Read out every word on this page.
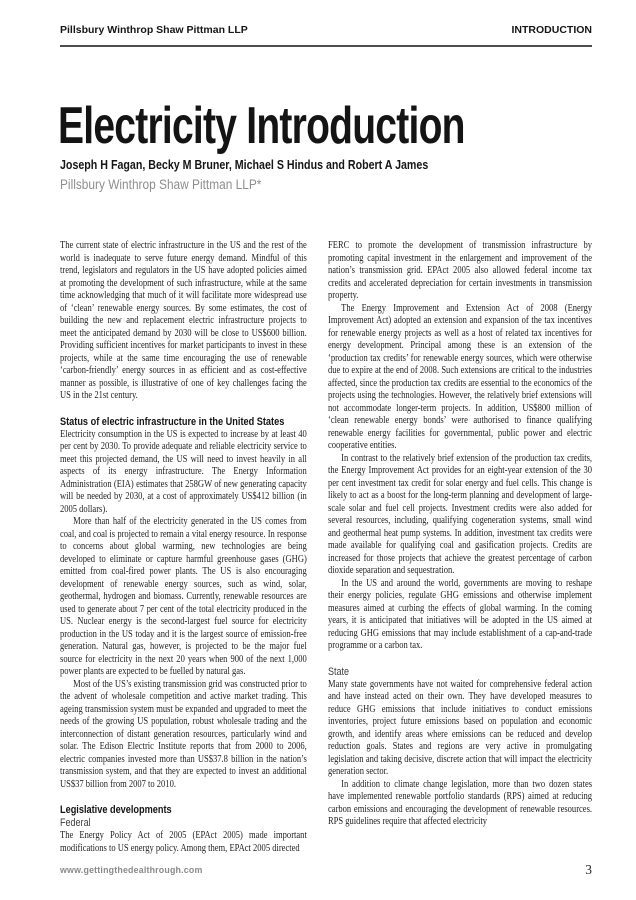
Pillsbury Winthrop Shaw Pittman LLP	INTRODUCTION
Electricity Introduction
Joseph H Fagan, Becky M Bruner, Michael S Hindus and Robert A James
Pillsbury Winthrop Shaw Pittman LLP*
The current state of electric infrastructure in the US and the rest of the world is inadequate to serve future energy demand. Mindful of this trend, legislators and regulators in the US have adopted policies aimed at promoting the development of such infrastructure, while at the same time acknowledging that much of it will facilitate more widespread use of ‘clean’ renewable energy sources. By some estimates, the cost of building the new and replacement electric infrastructure projects to meet the anticipated demand by 2030 will be close to US$600 billion. Providing sufficient incentives for market participants to invest in these projects, while at the same time encouraging the use of renewable ‘carbon-friendly’ energy sources in as efficient and as cost-effective manner as possible, is illustrative of one of key challenges facing the US in the 21st century.
Status of electric infrastructure in the United States
Electricity consumption in the US is expected to increase by at least 40 per cent by 2030. To provide adequate and reliable electricity service to meet this projected demand, the US will need to invest heavily in all aspects of its energy infrastructure. The Energy Information Administration (EIA) estimates that 258GW of new generating capacity will be needed by 2030, at a cost of approximately US$412 billion (in 2005 dollars).
More than half of the electricity generated in the US comes from coal, and coal is projected to remain a vital energy resource. In response to concerns about global warming, new technologies are being developed to eliminate or capture harmful greenhouse gases (GHG) emitted from coal-fired power plants. The US is also encouraging development of renewable energy sources, such as wind, solar, geothermal, hydrogen and biomass. Currently, renewable resources are used to generate about 7 per cent of the total electricity produced in the US. Nuclear energy is the second-largest fuel source for electricity production in the US today and it is the largest source of emission-free generation. Natural gas, however, is projected to be the major fuel source for electricity in the next 20 years when 900 of the next 1,000 power plants are expected to be fuelled by natural gas.
Most of the US’s existing transmission grid was constructed prior to the advent of wholesale competition and active market trading. This ageing transmission system must be expanded and upgraded to meet the needs of the growing US population, robust wholesale trading and the interconnection of distant generation resources, particularly wind and solar. The Edison Electric Institute reports that from 2000 to 2006, electric companies invested more than US$37.8 billion in the nation’s transmission system, and that they are expected to invest an additional US$37 billion from 2007 to 2010.
Legislative developments
Federal
The Energy Policy Act of 2005 (EPAct 2005) made important modifications to US energy policy. Among them, EPAct 2005 directed
FERC to promote the development of transmission infrastructure by promoting capital investment in the enlargement and improvement of the nation’s transmission grid. EPAct 2005 also allowed federal income tax credits and accelerated depreciation for certain investments in transmission property.
The Energy Improvement and Extension Act of 2008 (Energy Improvement Act) adopted an extension and expansion of the tax incentives for renewable energy projects as well as a host of related tax incentives for energy development. Principal among these is an extension of the ‘production tax credits’ for renewable energy sources, which were otherwise due to expire at the end of 2008. Such extensions are critical to the industries affected, since the production tax credits are essential to the economics of the projects using the technologies. However, the relatively brief extensions will not accommodate longer-term projects. In addition, US$800 million of ‘clean renewable energy bonds’ were authorised to finance qualifying renewable energy facilities for governmental, public power and electric cooperative entities.
In contrast to the relatively brief extension of the production tax credits, the Energy Improvement Act provides for an eight-year extension of the 30 per cent investment tax credit for solar energy and fuel cells. This change is likely to act as a boost for the long-term planning and development of large-scale solar and fuel cell projects. Investment credits were also added for several resources, including, qualifying cogeneration systems, small wind and geothermal heat pump systems. In addition, investment tax credits were made available for qualifying coal and gasification projects. Credits are increased for those projects that achieve the greatest percentage of carbon dioxide separation and sequestration.
In the US and around the world, governments are moving to reshape their energy policies, regulate GHG emissions and otherwise implement measures aimed at curbing the effects of global warming. In the coming years, it is anticipated that initiatives will be adopted in the US aimed at reducing GHG emissions that may include establishment of a cap-and-trade programme or a carbon tax.
State
Many state governments have not waited for comprehensive federal action and have instead acted on their own. They have developed measures to reduce GHG emissions that include initiatives to conduct emissions inventories, project future emissions based on population and economic growth, and identify areas where emissions can be reduced and develop reduction goals. States and regions are very active in promulgating legislation and taking decisive, discrete action that will impact the electricity generation sector.
In addition to climate change legislation, more than two dozen states have implemented renewable portfolio standards (RPS) aimed at reducing carbon emissions and encouraging the development of renewable resources. RPS guidelines require that affected electricity
www.gettingthedealthrough.com	3
